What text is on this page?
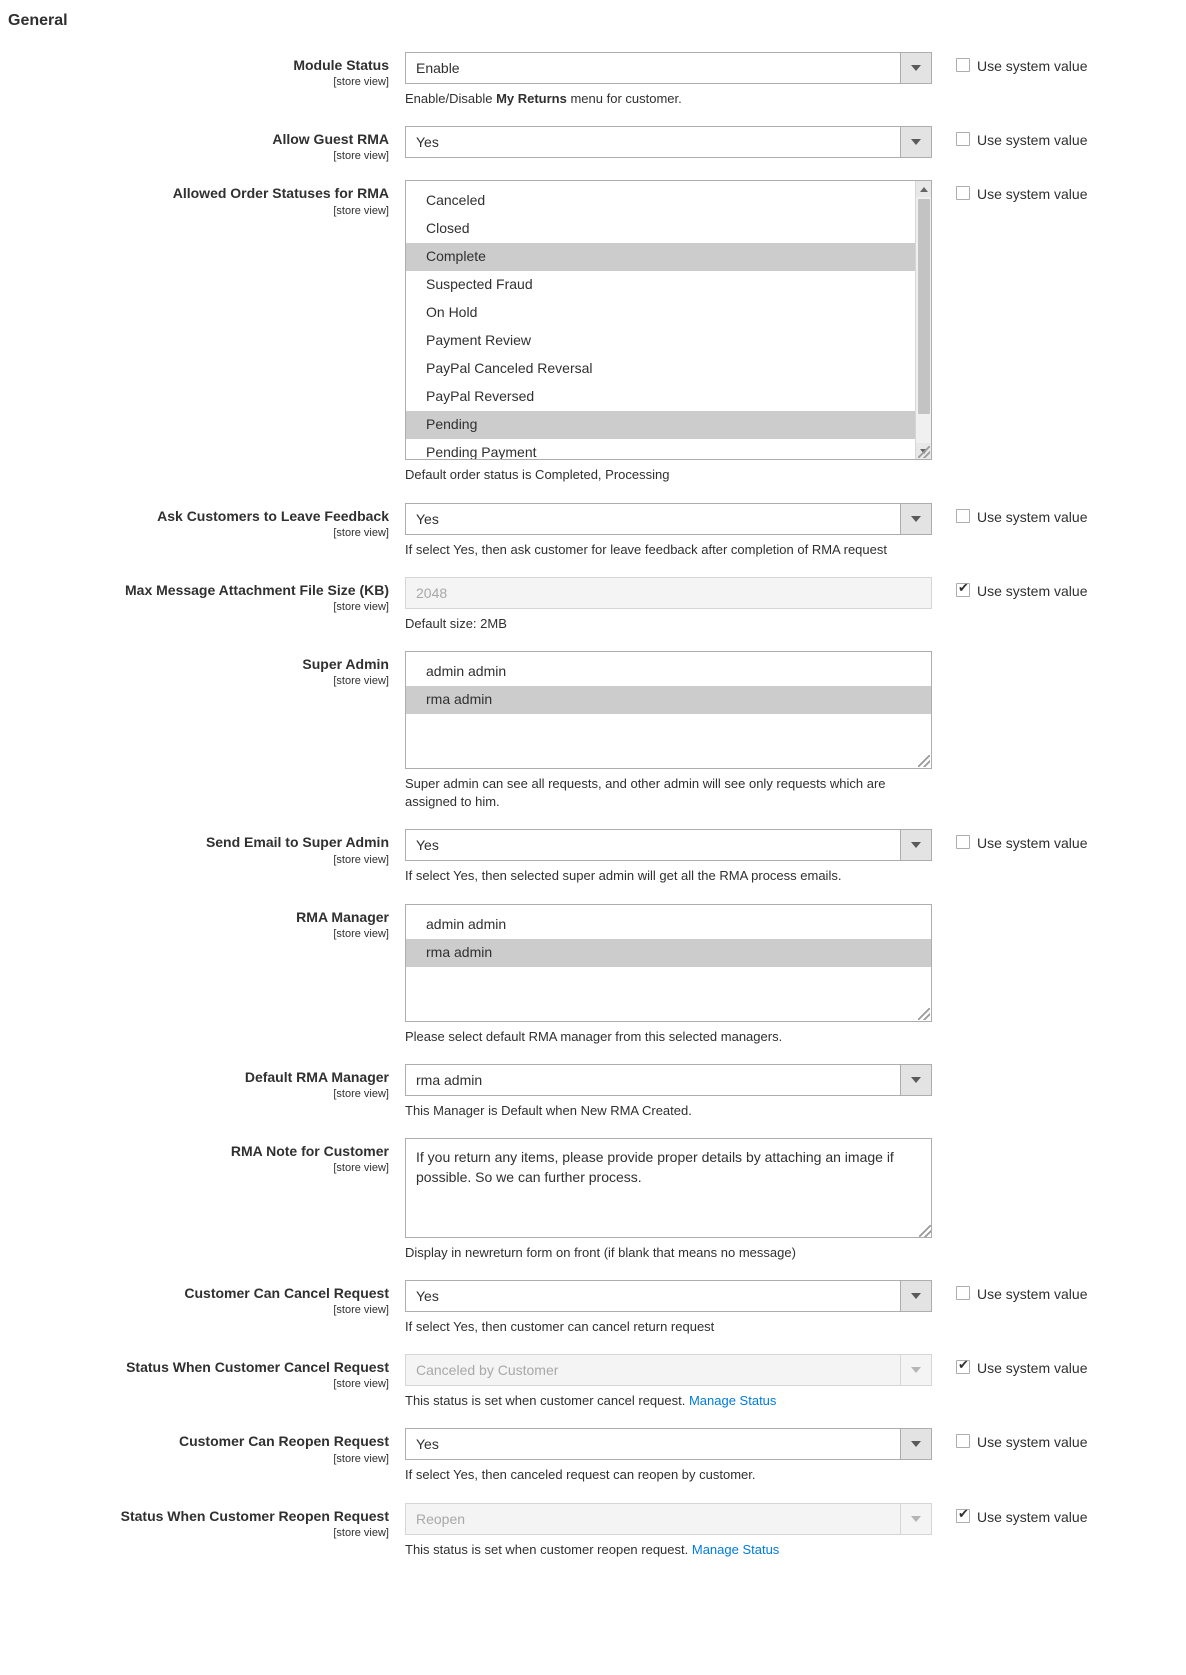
General
Module Status
[store view]
Enable
Enable/Disable My Returns menu for customer.
Use system value
Allow Guest RMA
[store view]
Yes	Use system value
Allowed Order Statuses for RMA
[store view]
Canceled
Closed
Complete
Suspected Fraud
On Hold
Payment Review
PayPal Canceled Reversal
PayPal Reversed
Pending
Pending Payment
Default order status is Completed, Processing
Use system value
Ask Customers to Leave Feedback
[store view]
Yes
If select Yes, then ask customer for leave feedback after completion of RMA request
Use system value
Max Message Attachment File Size (KB)
[store view]
2048
Default size: 2MB
Use system value
Super Admin
[store view]
admin admin
rma admin
Super admin can see all requests, and other admin will see only requests which are assigned to him.
Send Email to Super Admin
[store view]
Yes
If select Yes, then selected super admin will get all the RMA process emails.
Use system value
RMA Manager
[store view]
admin admin
rma admin
Please select default RMA manager from this selected managers.
Default RMA Manager
[store view]
rma admin
This Manager is Default when New RMA Created.
RMA Note for Customer
[store view]
If you return any items, please provide proper details by attaching an image if possible. So we can further process.
Display in newreturn form on front (if blank that means no message)
Customer Can Cancel Request
[store view]
Yes
If select Yes, then customer can cancel return request
Use system value
Status When Customer Cancel Request
[store view]
Canceled by Customer
This status is set when customer cancel request. Manage Status
Use system value
Customer Can Reopen Request
[store view]
Yes
If select Yes, then canceled request can reopen by customer.
Use system value
Status When Customer Reopen Request
[store view]
Reopen
This status is set when customer reopen request. Manage Status
Use system value
